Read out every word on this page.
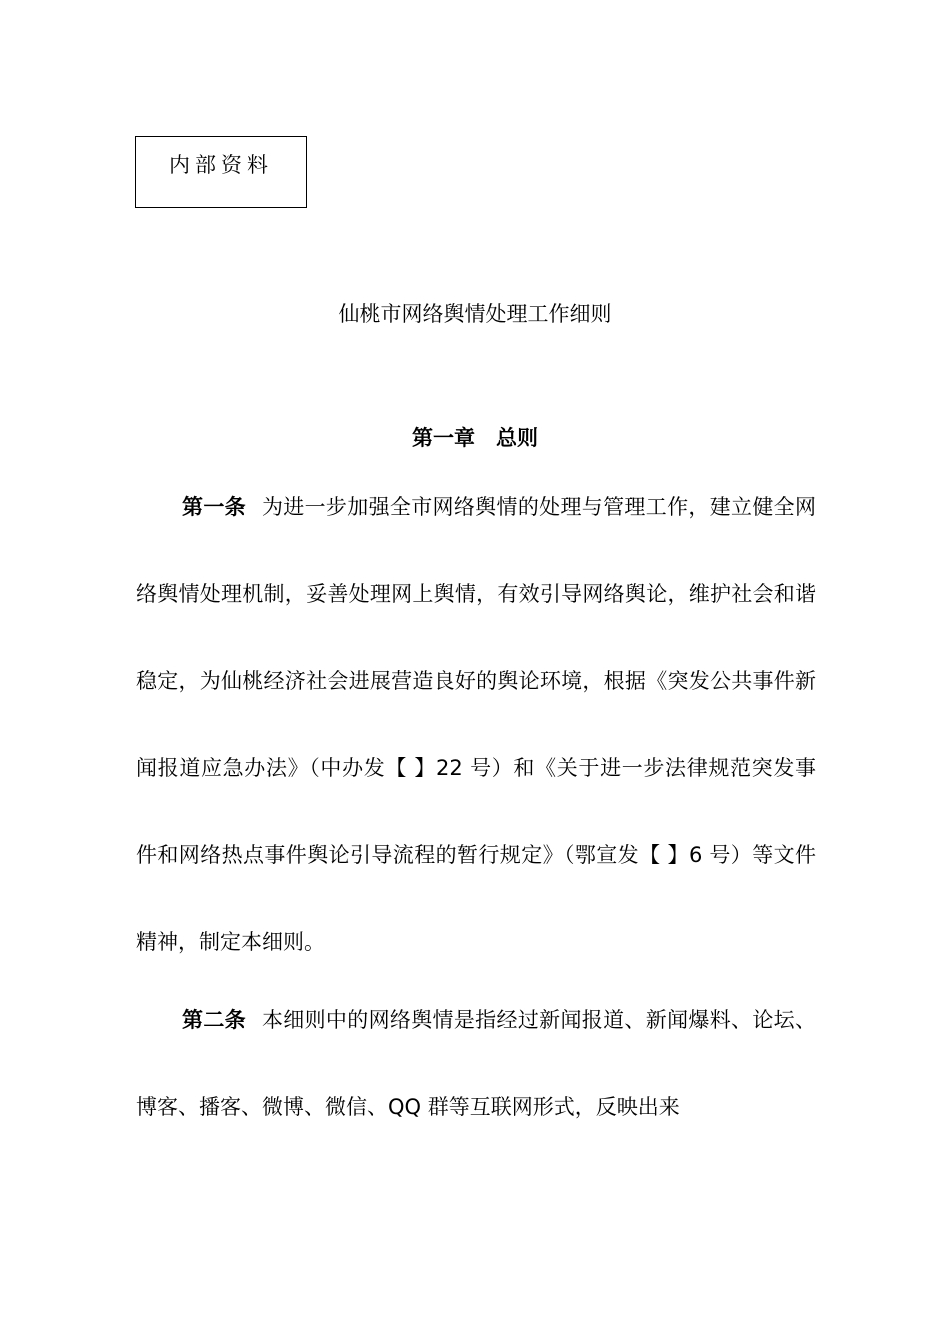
内部资料
仙桃市网络舆情处理工作细则
第一章　总则

第一条 为进一步加强全市网络舆情的处理与管理工作，建立健全网络舆情处理机制，妥善处理网上舆情，有效引导网络舆论，维护社会和谐稳定，为仙桃经济社会进展营造良好的舆论环境，根据《突发公共事件新闻报道应急办法》（中办发【 】22 号）和《关于进一步法律规范突发事件和网络热点事件舆论引导流程的暂行规定》（鄂宣发【 】6 号）等文件精神，制定本细则。

第二条 本细则中的网络舆情是指经过新闻报道、新闻爆料、论坛、博客、播客、微博、微信、QQ 群等互联网形式，反映出来
